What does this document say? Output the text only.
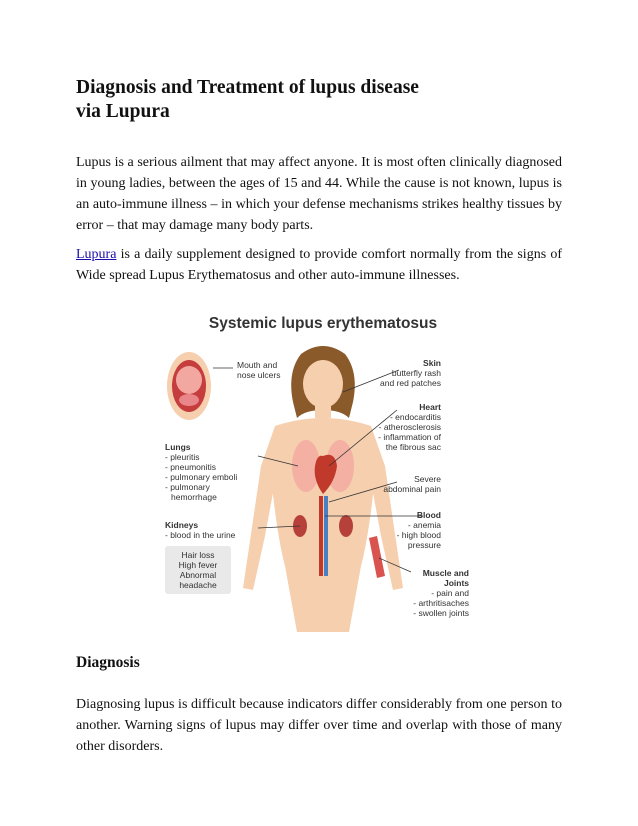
Diagnosis and Treatment of lupus disease
via Lupura

Lupus is a serious ailment that may affect anyone. It is most often clinically diagnosed in young ladies, between the ages of 15 and 44. While the cause is not known, lupus is an auto-immune illness – in which your defense mechanisms strikes healthy tissues by error – that may damage many body parts.

Lupura is a daily supplement designed to provide comfort normally from the signs of Wide spread Lupus Erythematosus and other auto-immune illnesses.

Systemic lupus erythematosus
Mouth and
nose ulcers
Skin
butterfly rash
and red patches
Heart
- endocarditis
- atherosclerosis
- inflammation of
the fibrous sac
Lungs
- pleuritis
- pneumonitis
- pulmonary emboli
- pulmonary
hemorrhage
Severe
abdominal pain
Blood
- anemia
- high blood
pressure
Kidneys
- blood in the urine
Hair loss
High fever
Abnormal
headache
Muscle and
Joints
- pain and
- arthritisaches
- swollen joints
Diagnosis

Diagnosing lupus is difficult because indicators differ considerably from one person to another. Warning signs of lupus may differ over time and overlap with those of many other disorders.
